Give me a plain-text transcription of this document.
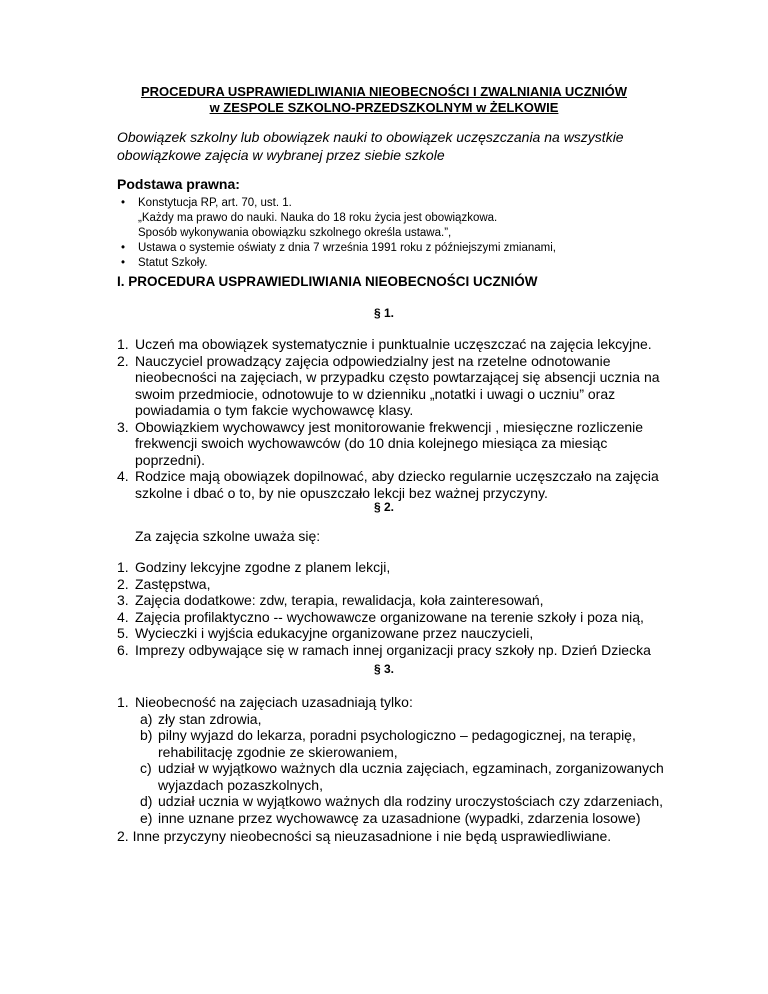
PROCEDURA USPRAWIEDLIWIANIA NIEOBECNOŚCI I ZWALNIANIA UCZNIÓW
w ZESPOLE SZKOLNO-PRZEDSZKOLNYM w ŻELKOWIE
Obowiązek szkolny lub obowiązek nauki to obowiązek uczęszczania na wszystkie obowiązkowe zajęcia w wybranej przez siebie szkole
Podstawa prawna:
• Konstytucja RP, art. 70, ust. 1.
„Każdy ma prawo do nauki. Nauka do 18 roku życia jest obowiązkowa.
Sposób wykonywania obowiązku szkolnego określa ustawa.”,
• Ustawa o systemie oświaty z dnia 7 września 1991 roku z późniejszymi zmianami,
• Statut Szkoły.
I. PROCEDURA USPRAWIEDLIWIANIA NIEOBECNOŚCI UCZNIÓW
§ 1.
1. Uczeń ma obowiązek systematycznie i punktualnie uczęszczać na zajęcia lekcyjne.
2. Nauczyciel prowadzący zajęcia odpowiedzialny jest na rzetelne odnotowanie nieobecności na zajęciach, w przypadku często powtarzającej się absencji ucznia na swoim przedmiocie, odnotowuje to w dzienniku „notatki i uwagi o uczniu” oraz powiadamia o tym fakcie wychowawcę klasy.
3. Obowiązkiem wychowawcy jest monitorowanie frekwencji , miesięczne rozliczenie frekwencji swoich wychowawców (do 10 dnia kolejnego miesiąca za miesiąc poprzedni).
4. Rodzice mają obowiązek dopilnować, aby dziecko regularnie uczęszczało na zajęcia szkolne i dbać o to, by nie opuszczało lekcji bez ważnej przyczyny.
§ 2.
Za zajęcia szkolne uważa się:
1. Godziny lekcyjne zgodne z planem lekcji,
2. Zastępstwa,
3. Zajęcia dodatkowe: zdw, terapia, rewalidacja, koła zainteresowań,
4. Zajęcia profilaktyczno -- wychowawcze organizowane na terenie szkoły i poza nią,
5. Wycieczki i wyjścia edukacyjne organizowane przez nauczycieli,
6. Imprezy odbywające się w ramach innej organizacji pracy szkoły np. Dzień Dziecka
§ 3.
1. Nieobecność na zajęciach uzasadniają tylko:
a) zły stan zdrowia,
b) pilny wyjazd do lekarza, poradni psychologiczno – pedagogicznej, na terapię, rehabilitację zgodnie ze skierowaniem,
c) udział w wyjątkowo ważnych dla ucznia zajęciach, egzaminach, zorganizowanych wyjazdach pozaszkolnych,
d) udział ucznia w wyjątkowo ważnych dla rodziny uroczystościach czy zdarzeniach,
e) inne uznane przez wychowawcę za uzasadnione (wypadki, zdarzenia losowe)
2. Inne przyczyny nieobecności są nieuzasadnione i nie będą usprawiedliwiane.
